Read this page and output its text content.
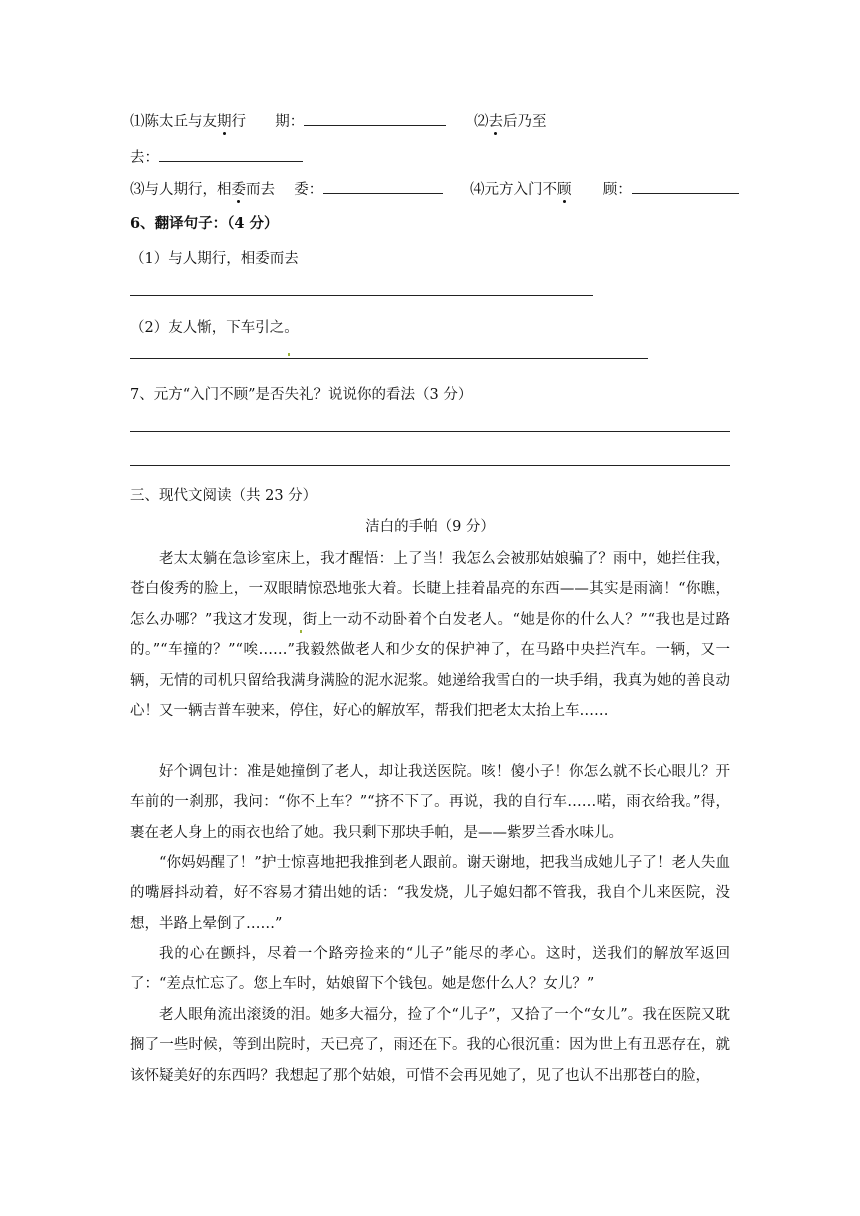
⑴陈太丘与友期行 期：	⑵去后乃至
去：
⑶与人期行，相委而去 委：	⑷元方入门不顾 顾：
6、翻译句子：（4 分）
（1）与人期行，相委而去
（2）友人惭，下车引之。
7、元方“入门不顾”是否失礼？说说你的看法（3 分）
三、现代文阅读（共 23 分）
洁白的手帕（9 分）
老太太躺在急诊室床上，我才醒悟：上了当！我怎么会被那姑娘骗了？雨中，她拦住我，苍白俊秀的脸上，一双眼睛惊恐地张大着。长睫上挂着晶亮的东西——其实是雨滴！“你瞧，怎么办哪？”我这才发现，街上一动不动卧着个白发老人。“她是你的什么人？”“我也是过路的。”“车撞的？”“唉……”我毅然做老人和少女的保护神了，在马路中央拦汽车。一辆，又一辆，无情的司机只留给我满身满脸的泥水泥浆。她递给我雪白的一块手绢，我真为她的善良动心！又一辆吉普车驶来，停住，好心的解放军，帮我们把老太太抬上车……
好个调包计：准是她撞倒了老人，却让我送医院。咳！傻小子！你怎么就不长心眼儿？开车前的一刹那，我问：“你不上车？”“挤不下了。再说，我的自行车……喏，雨衣给我。”得，裹在老人身上的雨衣也给了她。我只剩下那块手帕，是——紫罗兰香水味儿。
“你妈妈醒了！”护士惊喜地把我推到老人跟前。谢天谢地，把我当成她儿子了！老人失血的嘴唇抖动着，好不容易才猜出她的话：“我发烧，儿子媳妇都不管我，我自个儿来医院，没想，半路上晕倒了……”
我的心在颤抖，尽着一个路旁捡来的“儿子”能尽的孝心。这时，送我们的解放军返回了：“差点忙忘了。您上车时，姑娘留下个钱包。她是您什么人？女儿？”
老人眼角流出滚烫的泪。她多大福分，捡了个“儿子”，又拾了一个“女儿”。我在医院又耽搁了一些时候，等到出院时，天已亮了，雨还在下。我的心很沉重：因为世上有丑恶存在，就该怀疑美好的东西吗？我想起了那个姑娘，可惜不会再见她了，见了也认不出那苍白的脸，
